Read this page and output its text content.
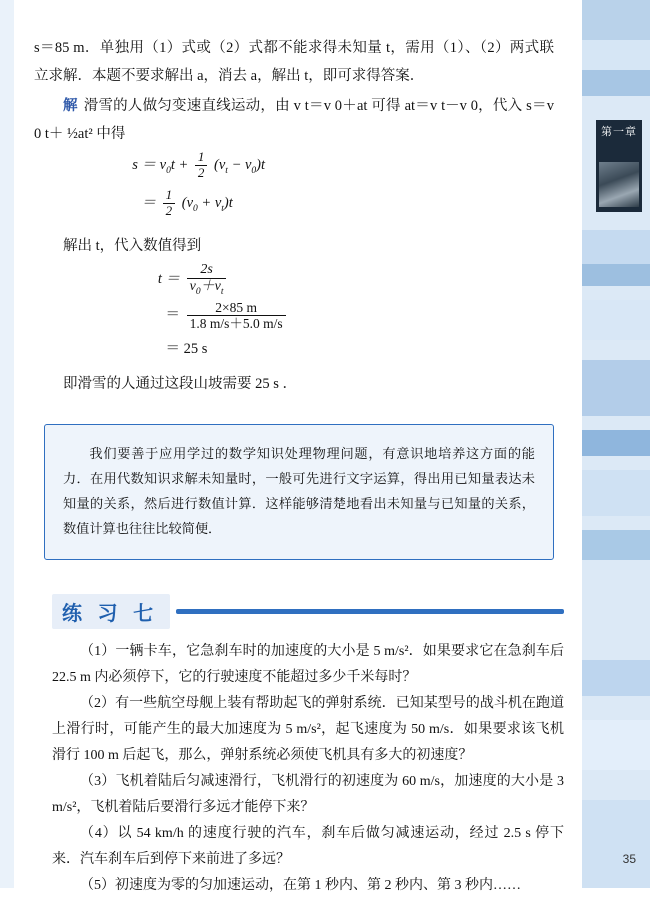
第一章

s＝85 m．单独用（1）式或（2）式都不能求得未知量 t，需用（1）、（2）两式联立求解．本题不要求解出 a，消去 a，解出 t，即可求得答案．

解 滑雪的人做匀变速直线运动，由 v t＝v 0＋at 可得 at＝v t－v 0，代入 s＝v 0 t＋ ½at² 中得

$s = v_0t + \frac{1}{2} (v_t - v_0)t$
＝ $\frac{1}{2} (v_0 + v_t)t$

解出 t，代入数值得到

$t = \frac{2s}{v_0+v_t}$
＝ $\frac{2\times 85 m}{1.8 m/s+5.0 m/s}$
＝ 25 s

即滑雪的人通过这段山坡需要 25 s ．

我们要善于应用学过的数学知识处理物理问题，有意识地培养这方面的能力．在用代数知识求解未知量时，一般可先进行文字运算，得出用已知量表达未知量的关系，然后进行数值计算．这样能够清楚地看出未知量与已知量的关系，数值计算也往往比较简便．

练 习 七

（1）一辆卡车，它急刹车时的加速度的大小是 5 m/s²．如果要求它在急刹车后 22.5 m 内必须停下，它的行驶速度不能超过多少千米每时？

（2）有一些航空母舰上装有帮助起飞的弹射系统．已知某型号的战斗机在跑道上滑行时，可能产生的最大加速度为 5 m/s²，起飞速度为 50 m/s．如果要求该飞机滑行 100 m 后起飞，那么，弹射系统必须使飞机具有多大的初速度？

（3）飞机着陆后匀减速滑行，飞机滑行的初速度为 60 m/s，加速度的大小是 3 m/s²，飞机着陆后要滑行多远才能停下来？

（4）以 54 km/h 的速度行驶的汽车，刹车后做匀减速运动，经过 2.5 s 停下来．汽车刹车后到停下来前进了多远？

（5）初速度为零的匀加速运动，在第 1 秒内、第 2 秒内、第 3 秒内……

35
